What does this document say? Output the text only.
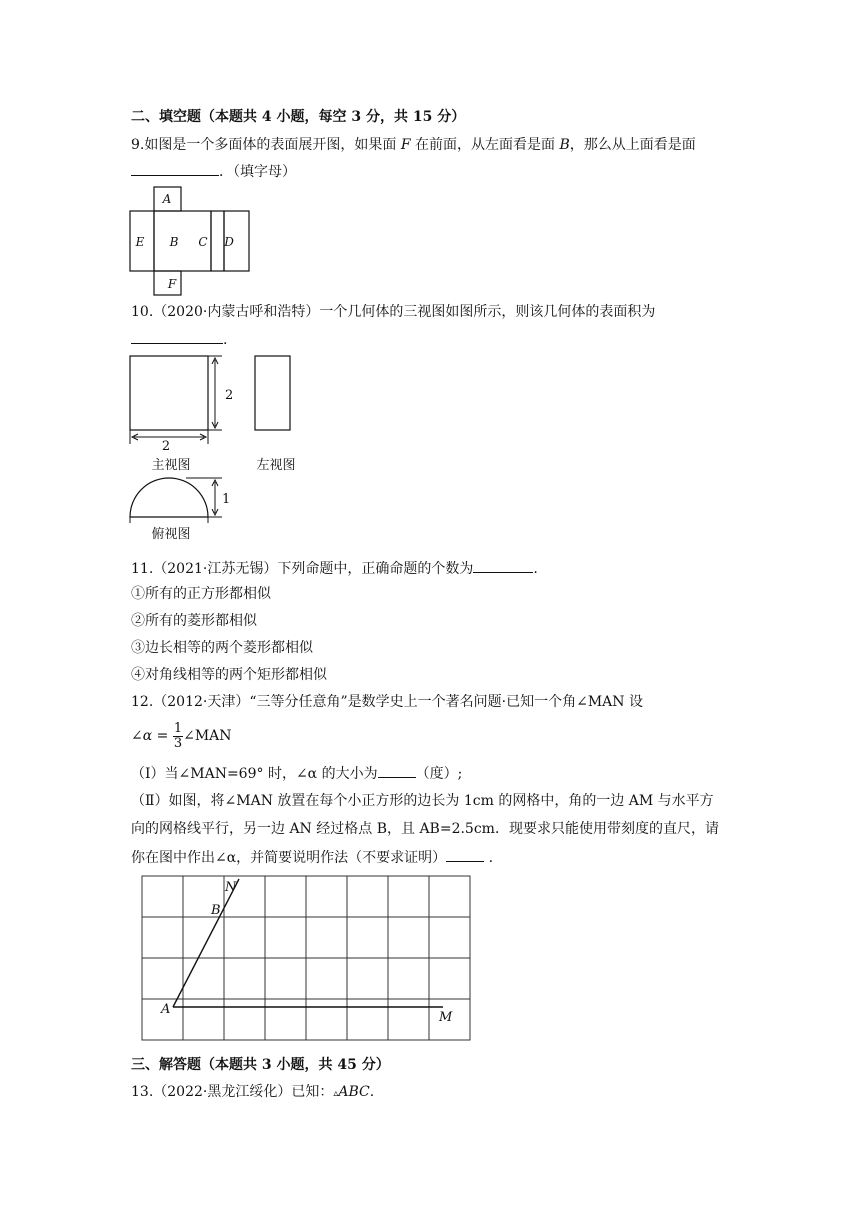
二、填空题（本题共 4 小题，每空 3 分，共 15 分）
9.如图是一个多面体的表面展开图，如果面 F 在前面，从左面看是面 B，那么从上面看是面
．（填字母）
A
E B C D
F
10.（2020·内蒙古呼和浩特）一个几何体的三视图如图所示，则该几何体的表面积为
.
2
2
主视图	左视图
1
俯视图
11.（2021·江苏无锡）下列命题中，正确命题的个数为	.
①所有的正方形都相似
②所有的菱形都相似
③边长相等的两个菱形都相似
④对角线相等的两个矩形都相似
12.（2012·天津）“三等分任意角”是数学史上一个著名问题·已知一个角∠MAN 设
∠α = $\frac{1}{3}$ ∠MAN
（Ⅰ）当∠MAN=69° 时，∠α 的大小为	（度）;
（Ⅱ）如图，将∠MAN 放置在每个小正方形的边长为 1cm 的网格中，角的一边 AM 与水平方
向的网格线平行，另一边 AN 经过格点 B，且 AB=2.5cm．现要求只能使用带刻度的直尺，请
你在图中作出∠α，并简要说明作法（不要求证明）	.
N
B
A
M
三、解答题（本题共 3 小题，共 45 分）
13.（2022·黑龙江绥化）已知：▵ABC.
